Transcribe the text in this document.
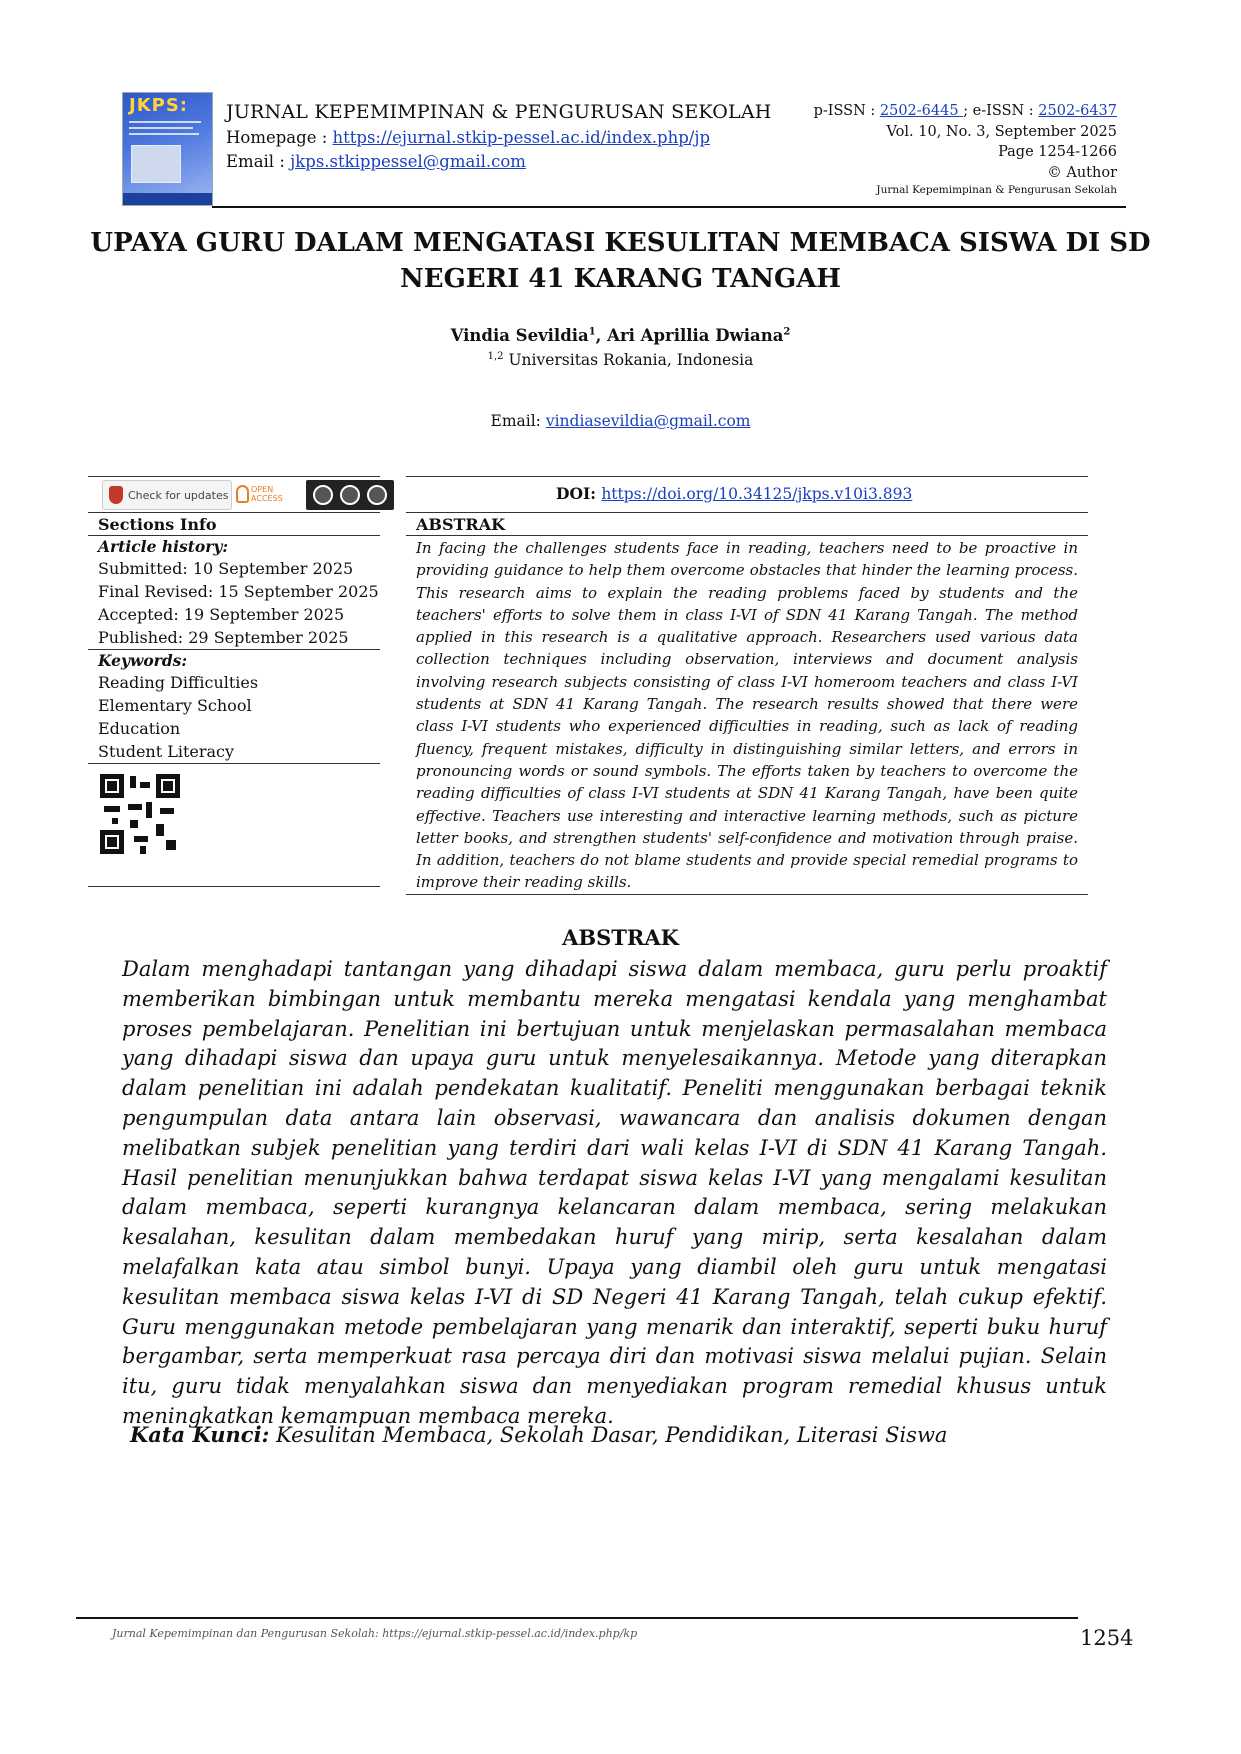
JKPS: JURNAL KEPEMIMPINAN & PENGURUSAN SEKOLAH
Homepage : https://ejurnal.stkip-pessel.ac.id/index.php/jp
Email : jkps.stkippessel@gmail.com
p-ISSN : 2502-6445 ; e-ISSN : 2502-6437
Vol. 10, No. 3, September 2025
Page 1254-1266
© Author
Jurnal Kepemimpinan & Pengurusan Sekolah
UPAYA GURU DALAM MENGATASI KESULITAN MEMBACA SISWA DI SD NEGERI 41 KARANG TANGAH
Vindia Sevildia$^1$, Ari Aprillia Dwiana$^2$
$^{1,2}$ Universitas Rokania, Indonesia
Email: vindiasevildia@gmail.com
Check for updates	OPEN ACCESS	DOI: https://doi.org/10.34125/jkps.v10i3.893
Sections Info
Article history:
Submitted: 10 September 2025
Final Revised: 15 September 2025
Accepted: 19 September 2025
Published: 29 September 2025
Keywords:
Reading Difficulties
Elementary School
Education
Student Literacy
ABSTRAK
In facing the challenges students face in reading, teachers need to be proactive in providing guidance to help them overcome obstacles that hinder the learning process. This research aims to explain the reading problems faced by students and the teachers' efforts to solve them in class I-VI of SDN 41 Karang Tangah. The method applied in this research is a qualitative approach. Researchers used various data collection techniques including observation, interviews and document analysis involving research subjects consisting of class I-VI homeroom teachers and class I-VI students at SDN 41 Karang Tangah. The research results showed that there were class I-VI students who experienced difficulties in reading, such as lack of reading fluency, frequent mistakes, difficulty in distinguishing similar letters, and errors in pronouncing words or sound symbols. The efforts taken by teachers to overcome the reading difficulties of class I-VI students at SDN 41 Karang Tangah, have been quite effective. Teachers use interesting and interactive learning methods, such as picture letter books, and strengthen students' self-confidence and motivation through praise. In addition, teachers do not blame students and provide special remedial programs to improve their reading skills.
ABSTRAK
Dalam menghadapi tantangan yang dihadapi siswa dalam membaca, guru perlu proaktif memberikan bimbingan untuk membantu mereka mengatasi kendala yang menghambat proses pembelajaran. Penelitian ini bertujuan untuk menjelaskan permasalahan membaca yang dihadapi siswa dan upaya guru untuk menyelesaikannya. Metode yang diterapkan dalam penelitian ini adalah pendekatan kualitatif. Peneliti menggunakan berbagai teknik pengumpulan data antara lain observasi, wawancara dan analisis dokumen dengan melibatkan subjek penelitian yang terdiri dari wali kelas I-VI di SDN 41 Karang Tangah. Hasil penelitian menunjukkan bahwa terdapat siswa kelas I-VI yang mengalami kesulitan dalam membaca, seperti kurangnya kelancaran dalam membaca, sering melakukan kesalahan, kesulitan dalam membedakan huruf yang mirip, serta kesalahan dalam melafalkan kata atau simbol bunyi. Upaya yang diambil oleh guru untuk mengatasi kesulitan membaca siswa kelas I-VI di SD Negeri 41 Karang Tangah, telah cukup efektif. Guru menggunakan metode pembelajaran yang menarik dan interaktif, seperti buku huruf bergambar, serta memperkuat rasa percaya diri dan motivasi siswa melalui pujian. Selain itu, guru tidak menyalahkan siswa dan menyediakan program remedial khusus untuk meningkatkan kemampuan membaca mereka.
Kata Kunci: Kesulitan Membaca, Sekolah Dasar, Pendidikan, Literasi Siswa
Jurnal Kepemimpinan dan Pengurusan Sekolah: https://ejurnal.stkip-pessel.ac.id/index.php/kp	1254
